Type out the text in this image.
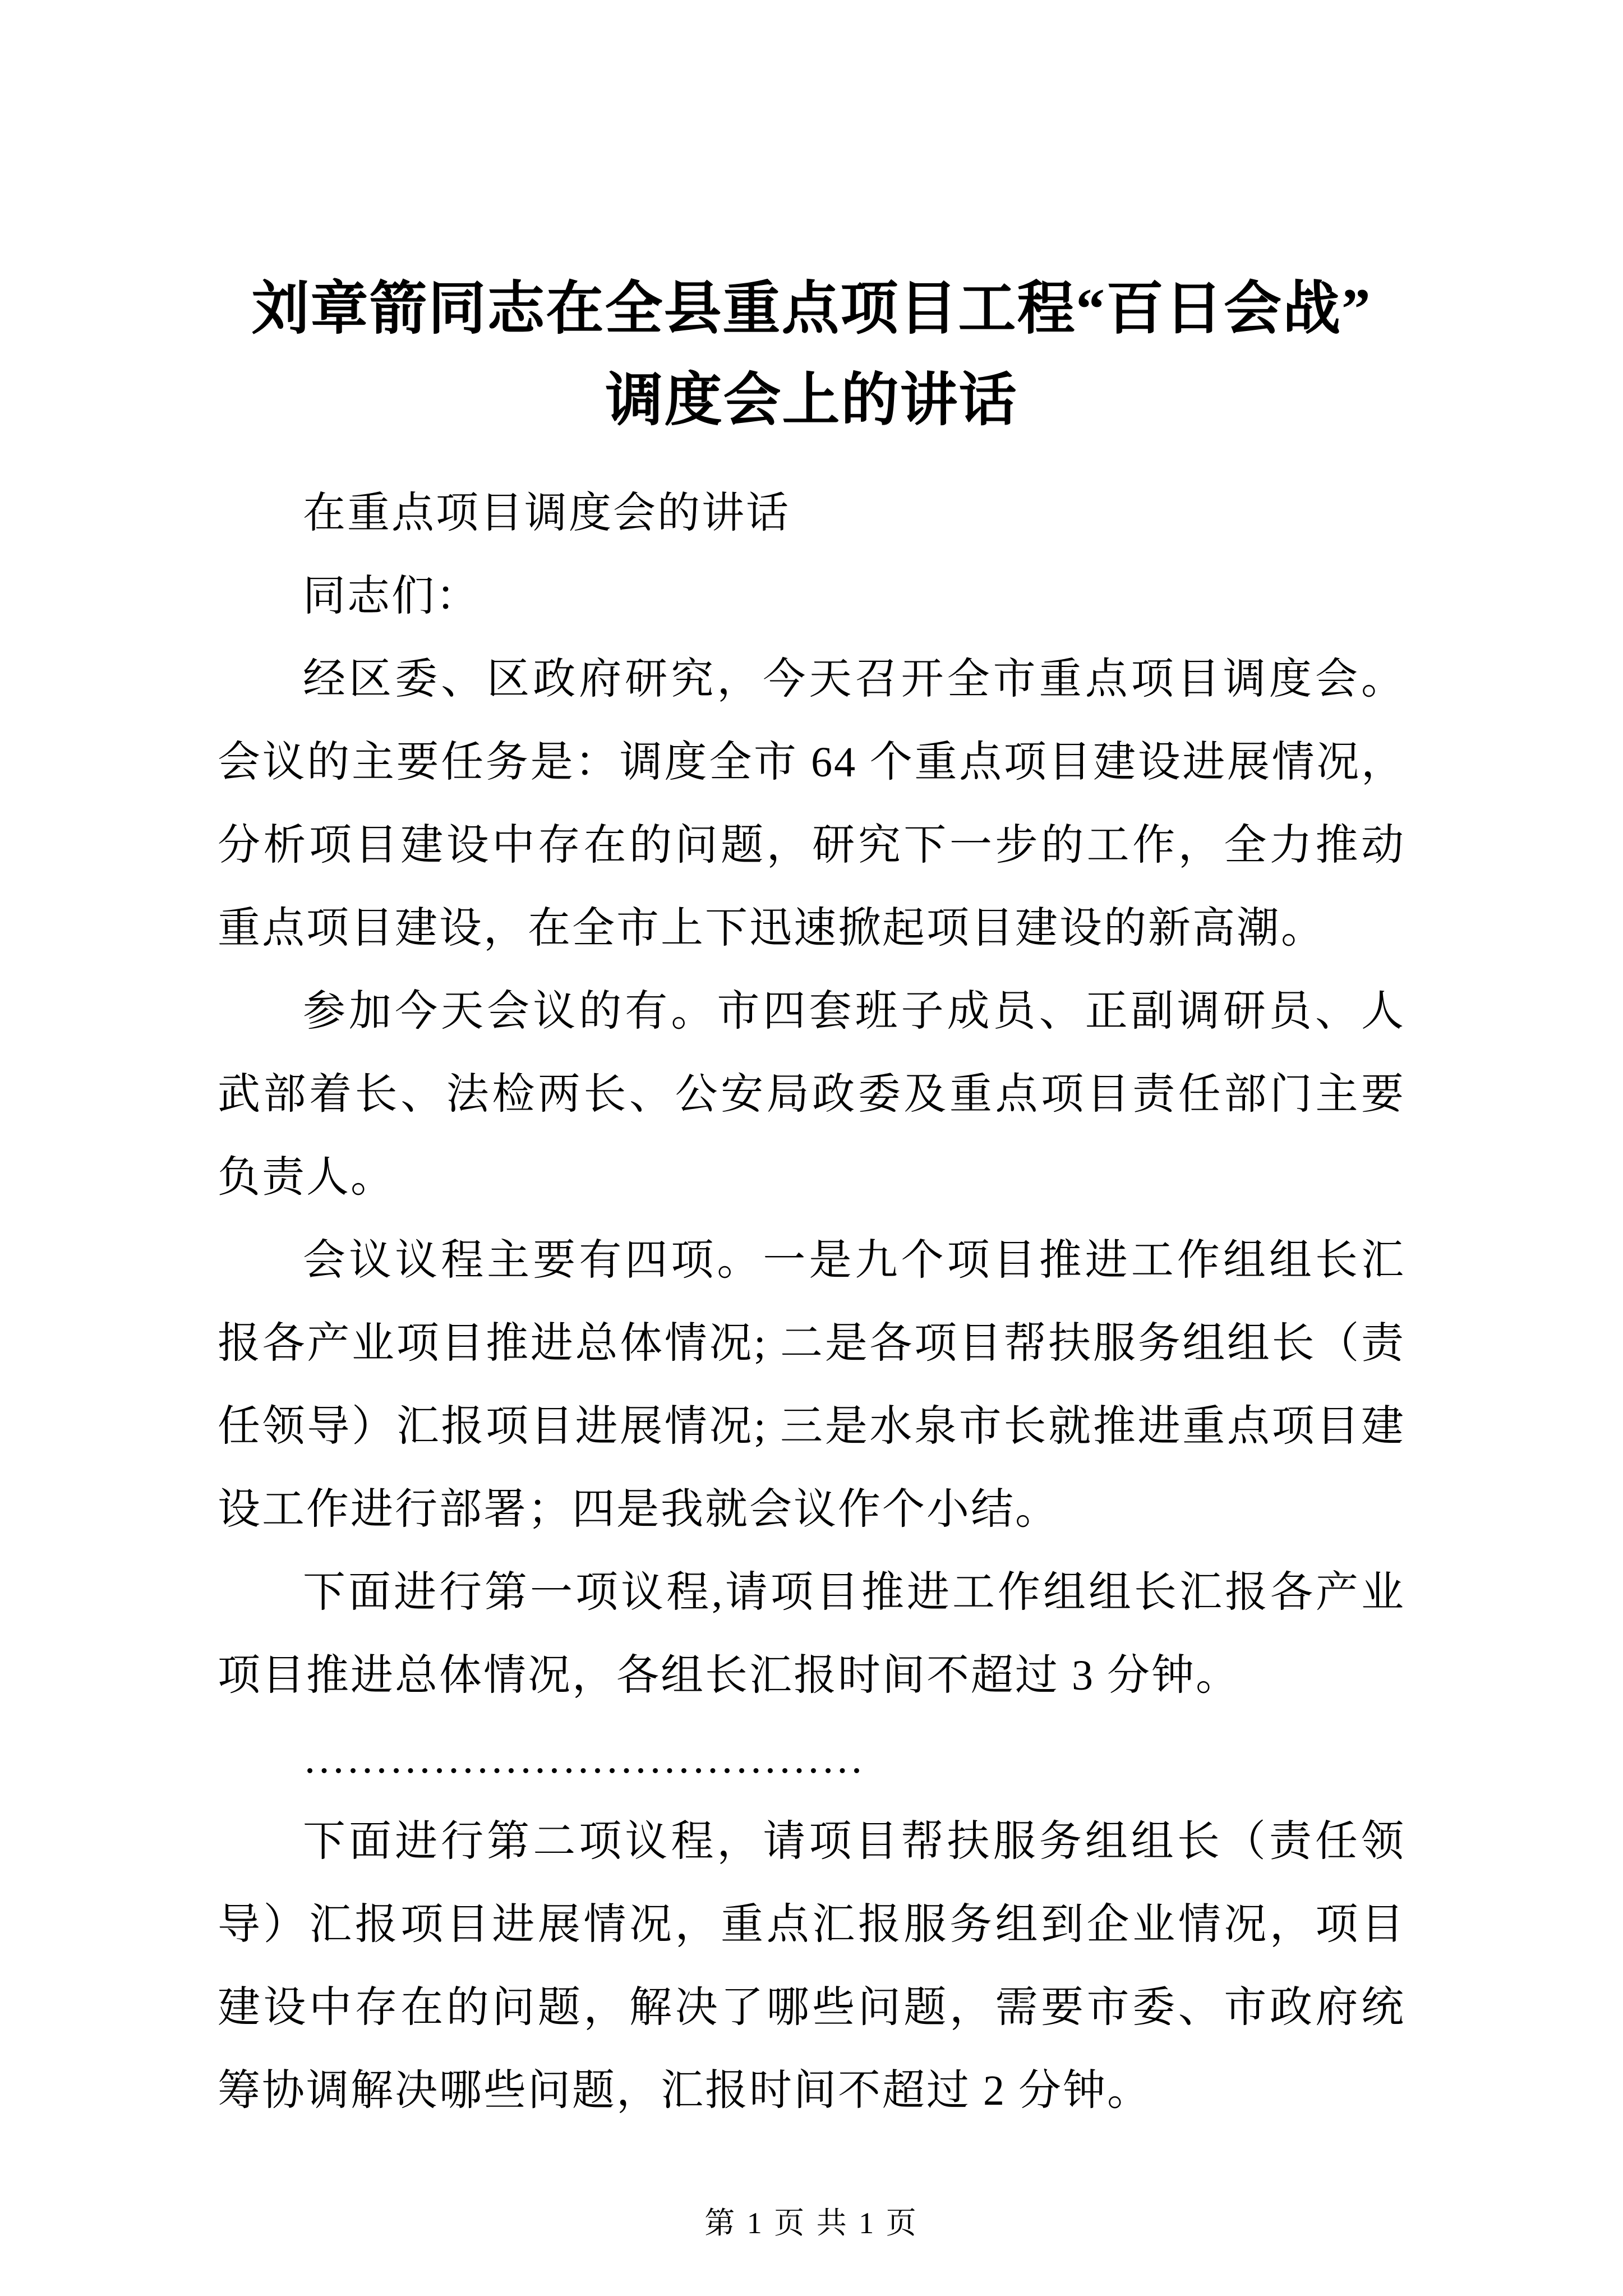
刘章箭同志在全县重点项目工程“百日会战”
调度会上的讲话

在重点项目调度会的讲话

同志们：

经区委、区政府研究，今天召开全市重点项目调度会。会议的主要任务是：调度全市 64 个重点项目建设进展情况，分析项目建设中存在的问题，研究下一步的工作，全力推动重点项目建设，在全市上下迅速掀起项目建设的新高潮。

参加今天会议的有。市四套班子成员、正副调研员、人武部着长、法检两长、公安局政委及重点项目责任部门主要负责人。

会议议程主要有四项。一是九个项目推进工作组组长汇报各产业项目推进总体情况; 二是各项目帮扶服务组组长（责任领导）汇报项目进展情况; 三是水泉市长就推进重点项目建设工作进行部署；四是我就会议作个小结。

下面进行第一项议程,请项目推进工作组组长汇报各产业项目推进总体情况，各组长汇报时间不超过 3 分钟。

…………………………………

下面进行第二项议程，请项目帮扶服务组组长（责任领导）汇报项目进展情况，重点汇报服务组到企业情况，项目建设中存在的问题，解决了哪些问题，需要市委、市政府统筹协调解决哪些问题，汇报时间不超过 2 分钟。

第 1 页 共 1 页
